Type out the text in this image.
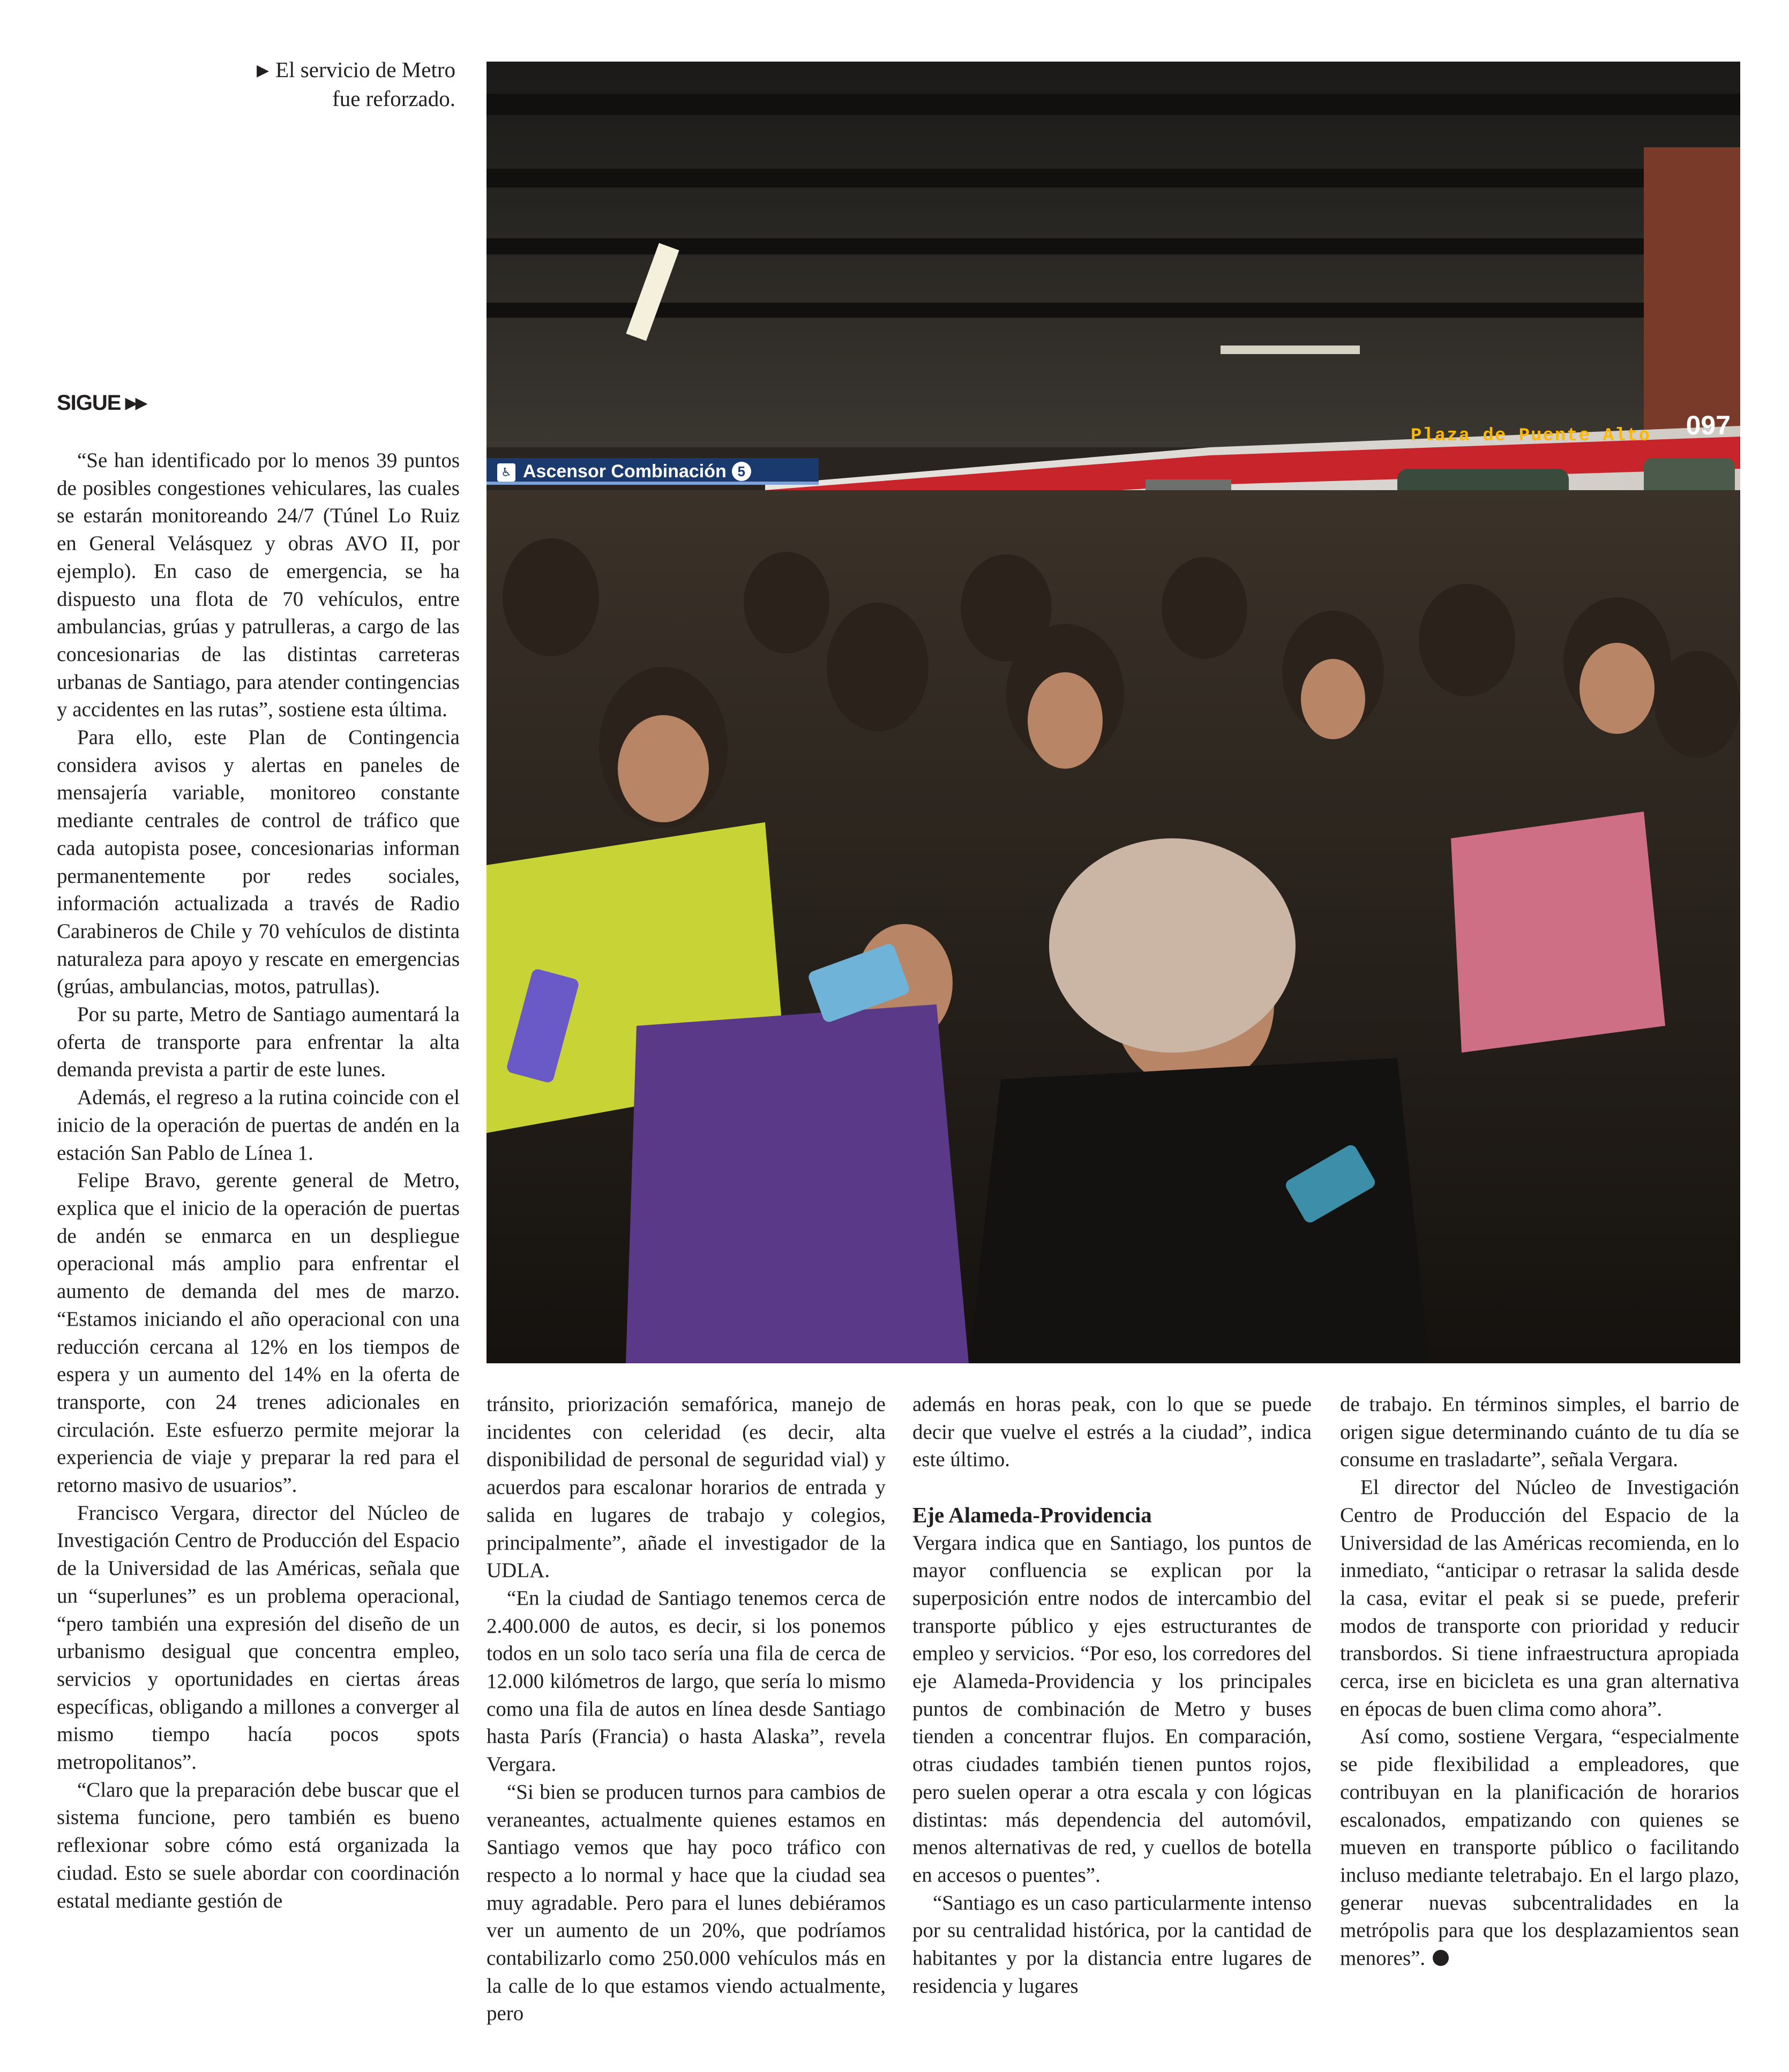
▶ El servicio de Metro
fue reforzado.
SIGUE ▶▶
♿ Ascensor Combinación 5
Plaza de Puente Alto 097

“Se han identificado por lo menos 39 puntos de posibles congestiones vehiculares, las cuales se estarán monitoreando 24/7 (Túnel Lo Ruiz en General Velásquez y obras AVO II, por ejemplo). En caso de emergencia, se ha dispuesto una flota de 70 vehículos, entre ambulancias, grúas y patrulleras, a cargo de las concesionarias de las distintas carreteras urbanas de Santiago, para atender contingencias y accidentes en las rutas”, sostiene esta última.

Para ello, este Plan de Contingencia considera avisos y alertas en paneles de mensajería variable, monitoreo constante mediante centrales de control de tráfico que cada autopista posee, concesionarias informan permanentemente por redes sociales, información actualizada a través de Radio Carabineros de Chile y 70 vehículos de distinta naturaleza para apoyo y rescate en emergencias (grúas, ambulancias, motos, patrullas).

Por su parte, Metro de Santiago aumentará la oferta de transporte para enfrentar la alta demanda prevista a partir de este lunes.

Además, el regreso a la rutina coincide con el inicio de la operación de puertas de andén en la estación San Pablo de Línea 1.

Felipe Bravo, gerente general de Metro, explica que el inicio de la operación de puertas de andén se enmarca en un despliegue operacional más amplio para enfrentar el aumento de demanda del mes de marzo. “Estamos iniciando el año operacional con una reducción cercana al 12% en los tiempos de espera y un aumento del 14% en la oferta de transporte, con 24 trenes adicionales en circulación. Este esfuerzo permite mejorar la experiencia de viaje y preparar la red para el retorno masivo de usuarios”.

Francisco Vergara, director del Núcleo de Investigación Centro de Producción del Espacio de la Universidad de las Américas, señala que un “superlunes” es un problema operacional, “pero también una expresión del diseño de un urbanismo desigual que concentra empleo, servicios y oportunidades en ciertas áreas específicas, obligando a millones a converger al mismo tiempo hacía pocos spots metropolitanos”.

“Claro que la preparación debe buscar que el sistema funcione, pero también es bueno reflexionar sobre cómo está organizada la ciudad. Esto se suele abordar con coordinación estatal mediante gestión de

tránsito, priorización semafórica, manejo de incidentes con celeridad (es decir, alta disponibilidad de personal de seguridad vial) y acuerdos para escalonar horarios de entrada y salida en lugares de trabajo y colegios, principalmente”, añade el investigador de la UDLA.

“En la ciudad de Santiago tenemos cerca de 2.400.000 de autos, es decir, si los ponemos todos en un solo taco sería una fila de cerca de 12.000 kilómetros de largo, que sería lo mismo como una fila de autos en línea desde Santiago hasta París (Francia) o hasta Alaska”, revela Vergara.

“Si bien se producen turnos para cambios de veraneantes, actualmente quienes estamos en Santiago vemos que hay poco tráfico con respecto a lo normal y hace que la ciudad sea muy agradable. Pero para el lunes debiéramos ver un aumento de un 20%, que podríamos contabilizarlo como 250.000 vehículos más en la calle de lo que estamos viendo actualmente, pero

además en horas peak, con lo que se puede decir que vuelve el estrés a la ciudad”, indica este último.

Eje Alameda-Providencia

Vergara indica que en Santiago, los puntos de mayor confluencia se explican por la superposición entre nodos de intercambio del transporte público y ejes estructurantes de empleo y servicios. “Por eso, los corredores del eje Alameda-Providencia y los principales puntos de combinación de Metro y buses tienden a concentrar flujos. En comparación, otras ciudades también tienen puntos rojos, pero suelen operar a otra escala y con lógicas distintas: más dependencia del automóvil, menos alternativas de red, y cuellos de botella en accesos o puentes”.

“Santiago es un caso particularmente intenso por su centralidad histórica, por la cantidad de habitantes y por la distancia entre lugares de residencia y lugares

de trabajo. En términos simples, el barrio de origen sigue determinando cuánto de tu día se consume en trasladarte”, señala Vergara.

El director del Núcleo de Investigación Centro de Producción del Espacio de la Universidad de las Américas recomienda, en lo inmediato, “anticipar o retrasar la salida desde la casa, evitar el peak si se puede, preferir modos de transporte con prioridad y reducir transbordos. Si tiene infraestructura apropiada cerca, irse en bicicleta es una gran alternativa en épocas de buen clima como ahora”.

Así como, sostiene Vergara, “especialmente se pide flexibilidad a empleadores, que contribuyan en la planificación de horarios escalonados, empatizando con quienes se mueven en transporte público o facilitando incluso mediante teletrabajo. En el largo plazo, generar nuevas subcentralidades en la metrópolis para que los desplazamientos sean menores”.
